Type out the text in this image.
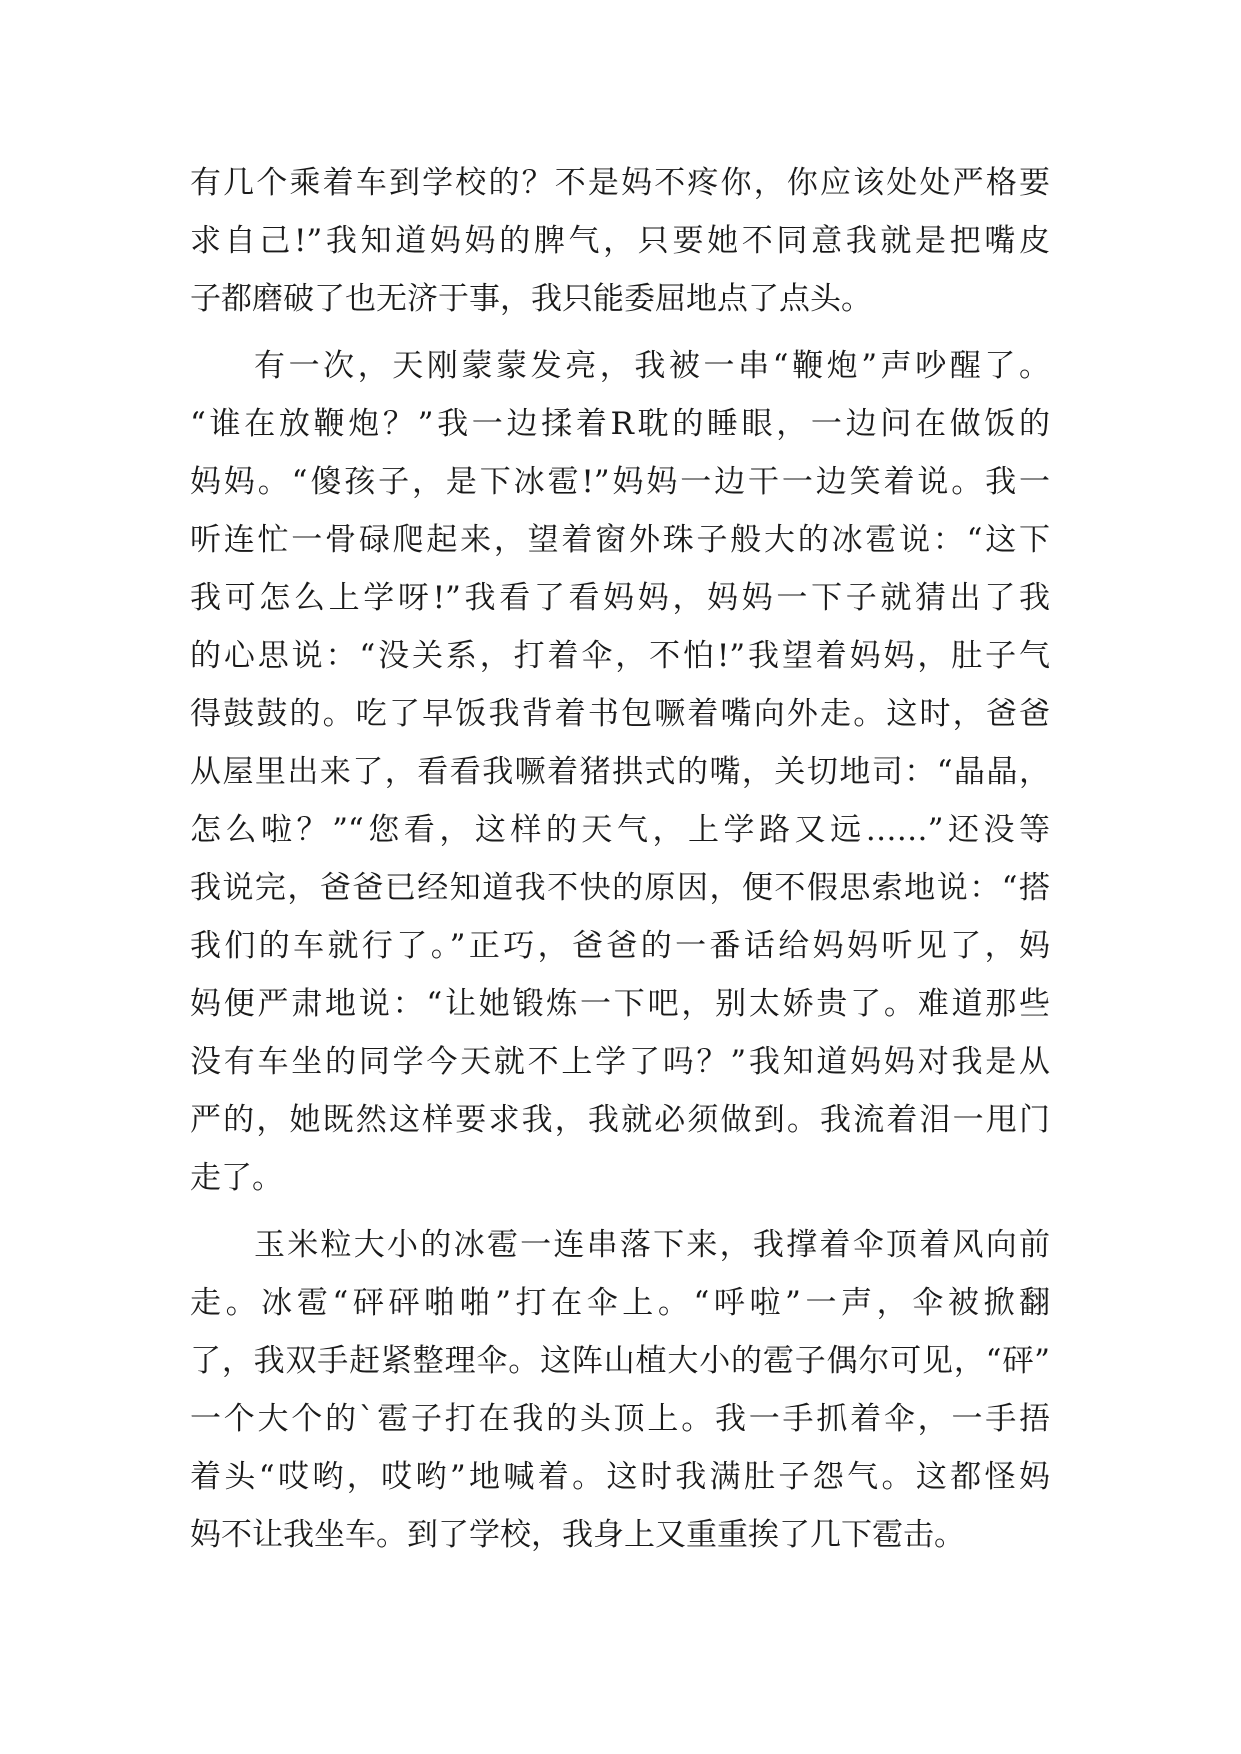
有几个乘着车到学校的？不是妈不疼你，你应该处处严格要
求自己!”我知道妈妈的脾气，只要她不同意我就是把嘴皮
子都磨破了也无济于事，我只能委屈地点了点头。
有一次，天刚蒙蒙发亮，我被一串“鞭炮”声吵醒了。
“谁在放鞭炮？”我一边揉着R耽的睡眼，一边问在做饭的
妈妈。“傻孩子，是下冰雹!”妈妈一边干一边笑着说。我一
听连忙一骨碌爬起来，望着窗外珠子般大的冰雹说：“这下
我可怎么上学呀!”我看了看妈妈，妈妈一下子就猜出了我
的心思说：“没关系，打着伞，不怕!”我望着妈妈，肚子气
得鼓鼓的。吃了早饭我背着书包噘着嘴向外走。这时，爸爸
从屋里出来了，看看我噘着猪拱式的嘴，关切地司：“晶晶，
怎么啦？”“您看，这样的天气，上学路又远……”还没等
我说完，爸爸已经知道我不快的原因，便不假思索地说：“搭
我们的车就行了。”正巧，爸爸的一番话给妈妈听见了，妈
妈便严肃地说：“让她锻炼一下吧，别太娇贵了。难道那些
没有车坐的同学今天就不上学了吗？”我知道妈妈对我是从
严的，她既然这样要求我，我就必须做到。我流着泪一甩门
走了。
玉米粒大小的冰雹一连串落下来，我撑着伞顶着风向前
走。冰雹“砰砰啪啪”打在伞上。“呼啦”一声，伞被掀翻
了，我双手赶紧整理伞。这阵山植大小的雹子偶尔可见，“砰”
一个大个的`雹子打在我的头顶上。我一手抓着伞，一手捂
着头“哎哟，哎哟”地喊着。这时我满肚子怨气。这都怪妈
妈不让我坐车。到了学校，我身上又重重挨了几下雹击。
